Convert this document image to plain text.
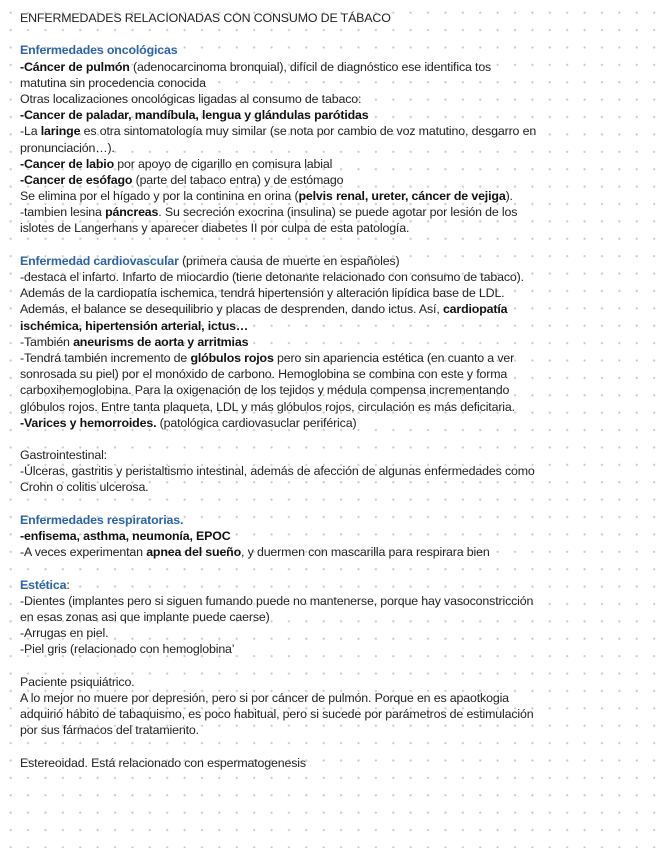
ENFERMEDADES RELACIONADAS CON CONSUMO DE TÁBACO
Enfermedades oncológicas
-Cáncer de pulmón (adenocarcinoma bronquial), difícil de diagnóstico ese identifica tos
matutina sin procedencia conocida
Otras localizaciones oncológicas ligadas al consumo de tabaco:
-Cancer de paladar, mandíbula, lengua y glándulas parótidas
-La laringe es otra sintomatología muy similar (se nota por cambio de voz matutino, desgarro en
pronunciación…).
-Cancer de labio por apoyo de cigarillo en comisura labial
-Cancer de esófago (parte del tabaco entra) y de estómago
Se elimina por el hígado y por la continina en orina (pelvis renal, ureter, cáncer de vejiga).
-tambien lesina páncreas. Su secreción exocrina (insulina) se puede agotar por lesión de los
islotes de Langerhans y aparecer diabetes II por culpa de esta patología.
Enfermedad cardiovascular (primera causa de muerte en españoles)
-destaca el infarto. Infarto de miocardio (tiene detonante relacionado con consumo de tabaco).
Además de la cardiopatía ischemica, tendrá hipertensión y alteración lipídica base de LDL.
Además, el balance se desequilibrio y placas de desprenden, dando ictus. Así, cardiopatía
ischémica, hipertensión arterial, ictus…
-También aneurisms de aorta y arritmias
-Tendrá también incremento de glóbulos rojos pero sin apariencia estética (en cuanto a ver
sonrosada su piel) por el monóxido de carbono. Hemoglobina se combina con este y forma
carboxihemoglobina. Para la oxigenación de los tejidos y médula compensa incrementando
glóbulos rojos. Entre tanta plaqueta, LDL y más glóbulos rojos, circulación es más deficitaria.
-Varices y hemorroides. (patológica cardiovasuclar periférica)
Gastrointestinal:
-Úlceras, gastritis y peristaltismo intestinal, además de afección de algunas enfermedades como
Crohn o colitis ulcerosa.
Enfermedades respiratorias.
-enfisema, asthma, neumonía, EPOC
-A veces experimentan apnea del sueño, y duermen con mascarilla para respirara bien
Estética:
-Dientes (implantes pero si siguen fumando puede no mantenerse, porque hay vasoconstricción
en esas zonas asi que implante puede caerse)
-Arrugas en piel.
-Piel gris (relacionado con hemoglobina’
Paciente psiquiátrico.
A lo mejor no muere por depresión, pero si por cáncer de pulmón. Porque en es apaotkogia
adquirió hábito de tabaquismo, es poco habitual, pero si sucede por parámetros de estimulación
por sus fármacos del tratamiento.
Estereoidad. Está relacionado con espermatogenesis
